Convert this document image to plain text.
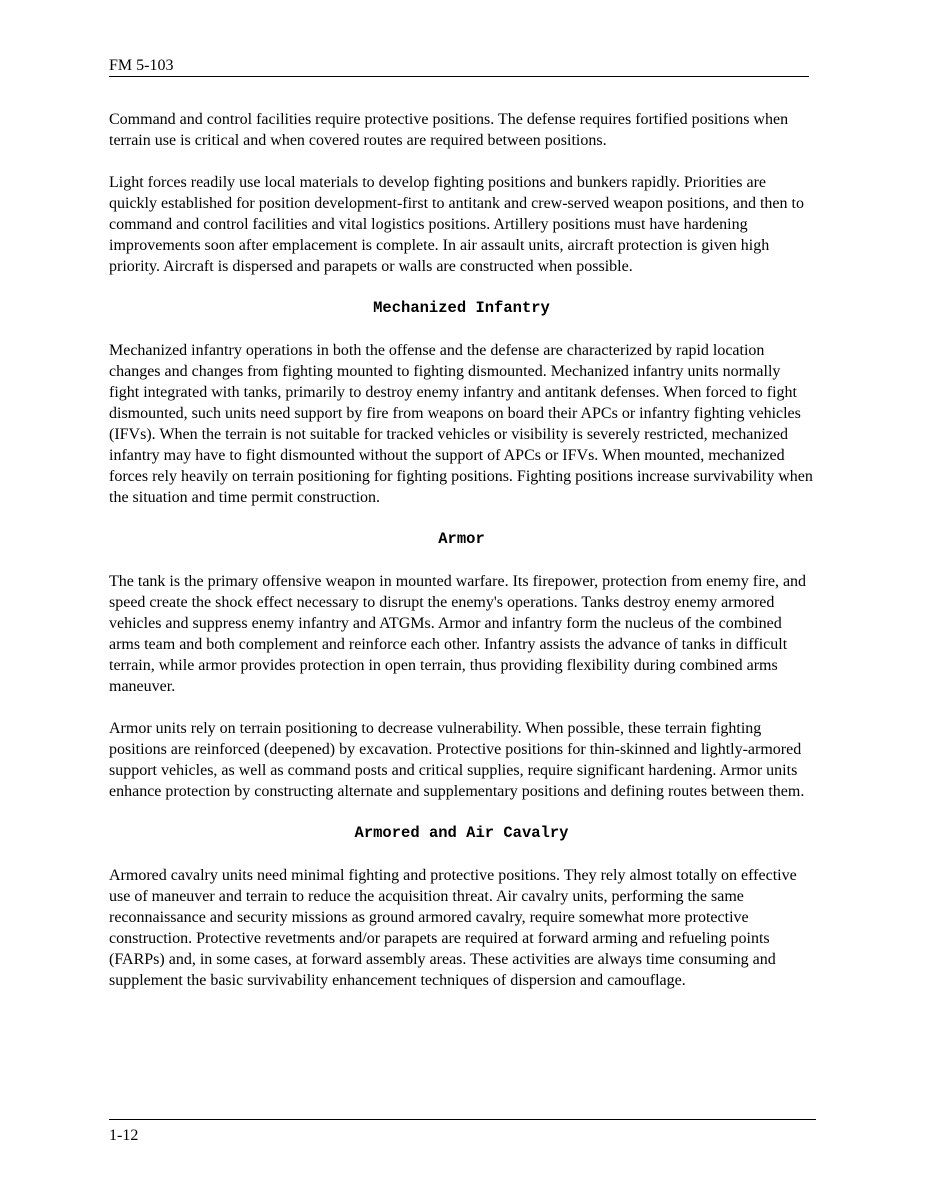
FM 5-103

Command and control facilities require protective positions. The defense requires fortified positions when terrain use is critical and when covered routes are required between positions.

Light forces readily use local materials to develop fighting positions and bunkers rapidly. Priorities are quickly established for position development-first to antitank and crew-served weapon positions, and then to command and control facilities and vital logistics positions. Artillery positions must have hardening improvements soon after emplacement is complete. In air assault units, aircraft protection is given high priority. Aircraft is dispersed and parapets or walls are constructed when possible.

Mechanized Infantry

Mechanized infantry operations in both the offense and the defense are characterized by rapid location changes and changes from fighting mounted to fighting dismounted. Mechanized infantry units normally fight integrated with tanks, primarily to destroy enemy infantry and antitank defenses. When forced to fight dismounted, such units need support by fire from weapons on board their APCs or infantry fighting vehicles (IFVs). When the terrain is not suitable for tracked vehicles or visibility is severely restricted, mechanized infantry may have to fight dismounted without the support of APCs or IFVs. When mounted, mechanized forces rely heavily on terrain positioning for fighting positions. Fighting positions increase survivability when the situation and time permit construction.

Armor

The tank is the primary offensive weapon in mounted warfare. Its firepower, protection from enemy fire, and speed create the shock effect necessary to disrupt the enemy's operations. Tanks destroy enemy armored vehicles and suppress enemy infantry and ATGMs. Armor and infantry form the nucleus of the combined arms team and both complement and reinforce each other. Infantry assists the advance of tanks in difficult terrain, while armor provides protection in open terrain, thus providing flexibility during combined arms maneuver.

Armor units rely on terrain positioning to decrease vulnerability. When possible, these terrain fighting positions are reinforced (deepened) by excavation. Protective positions for thin-skinned and lightly-armored support vehicles, as well as command posts and critical supplies, require significant hardening. Armor units enhance protection by constructing alternate and supplementary positions and defining routes between them.

Armored and Air Cavalry

Armored cavalry units need minimal fighting and protective positions. They rely almost totally on effective use of maneuver and terrain to reduce the acquisition threat. Air cavalry units, performing the same reconnaissance and security missions as ground armored cavalry, require somewhat more protective construction. Protective revetments and/or parapets are required at forward arming and refueling points (FARPs) and, in some cases, at forward assembly areas. These activities are always time consuming and supplement the basic survivability enhancement techniques of dispersion and camouflage.

1-12
